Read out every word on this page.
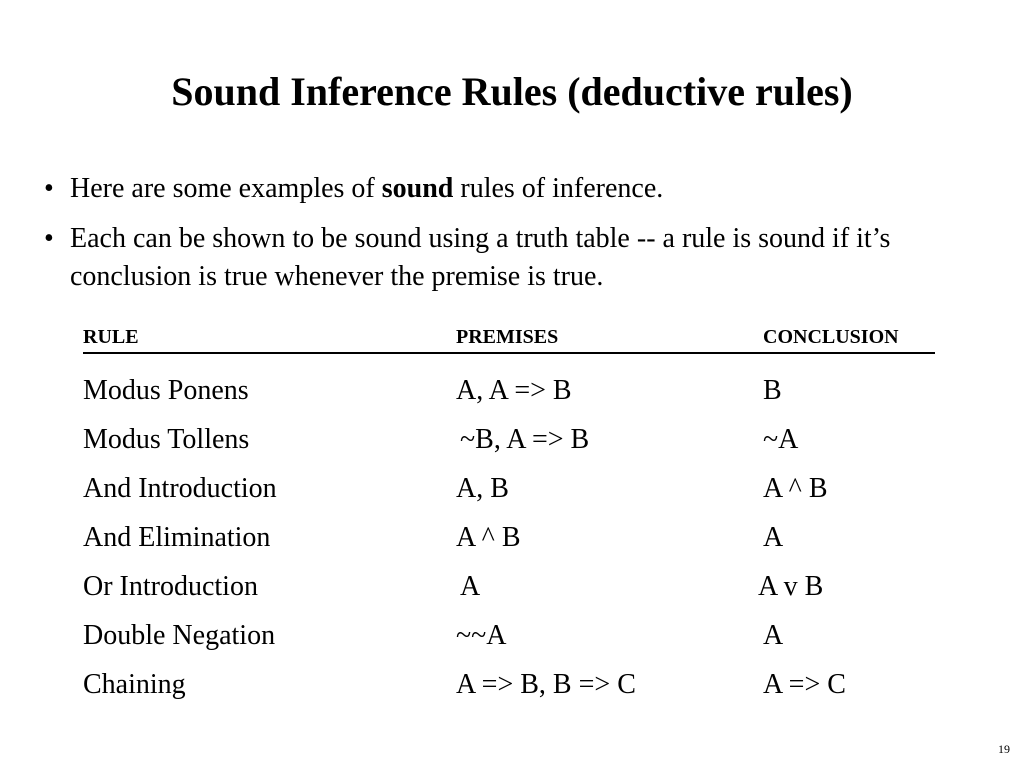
Sound Inference Rules (deductive rules)
• Here are some examples of sound rules of inference.
• Each can be shown to be sound using a truth table -- a rule is sound if it’s conclusion is true whenever the premise is true.
RULE	PREMISES	CONCLUSION
Modus Ponens	A, A => B	B
Modus Tollens	~B, A => B	~A
And Introduction	A, B	A ^ B
And Elimination	A ^ B	A
Or Introduction	A	A v B
Double Negation	~~A	A
Chaining	A => B, B => C	A => C
19
